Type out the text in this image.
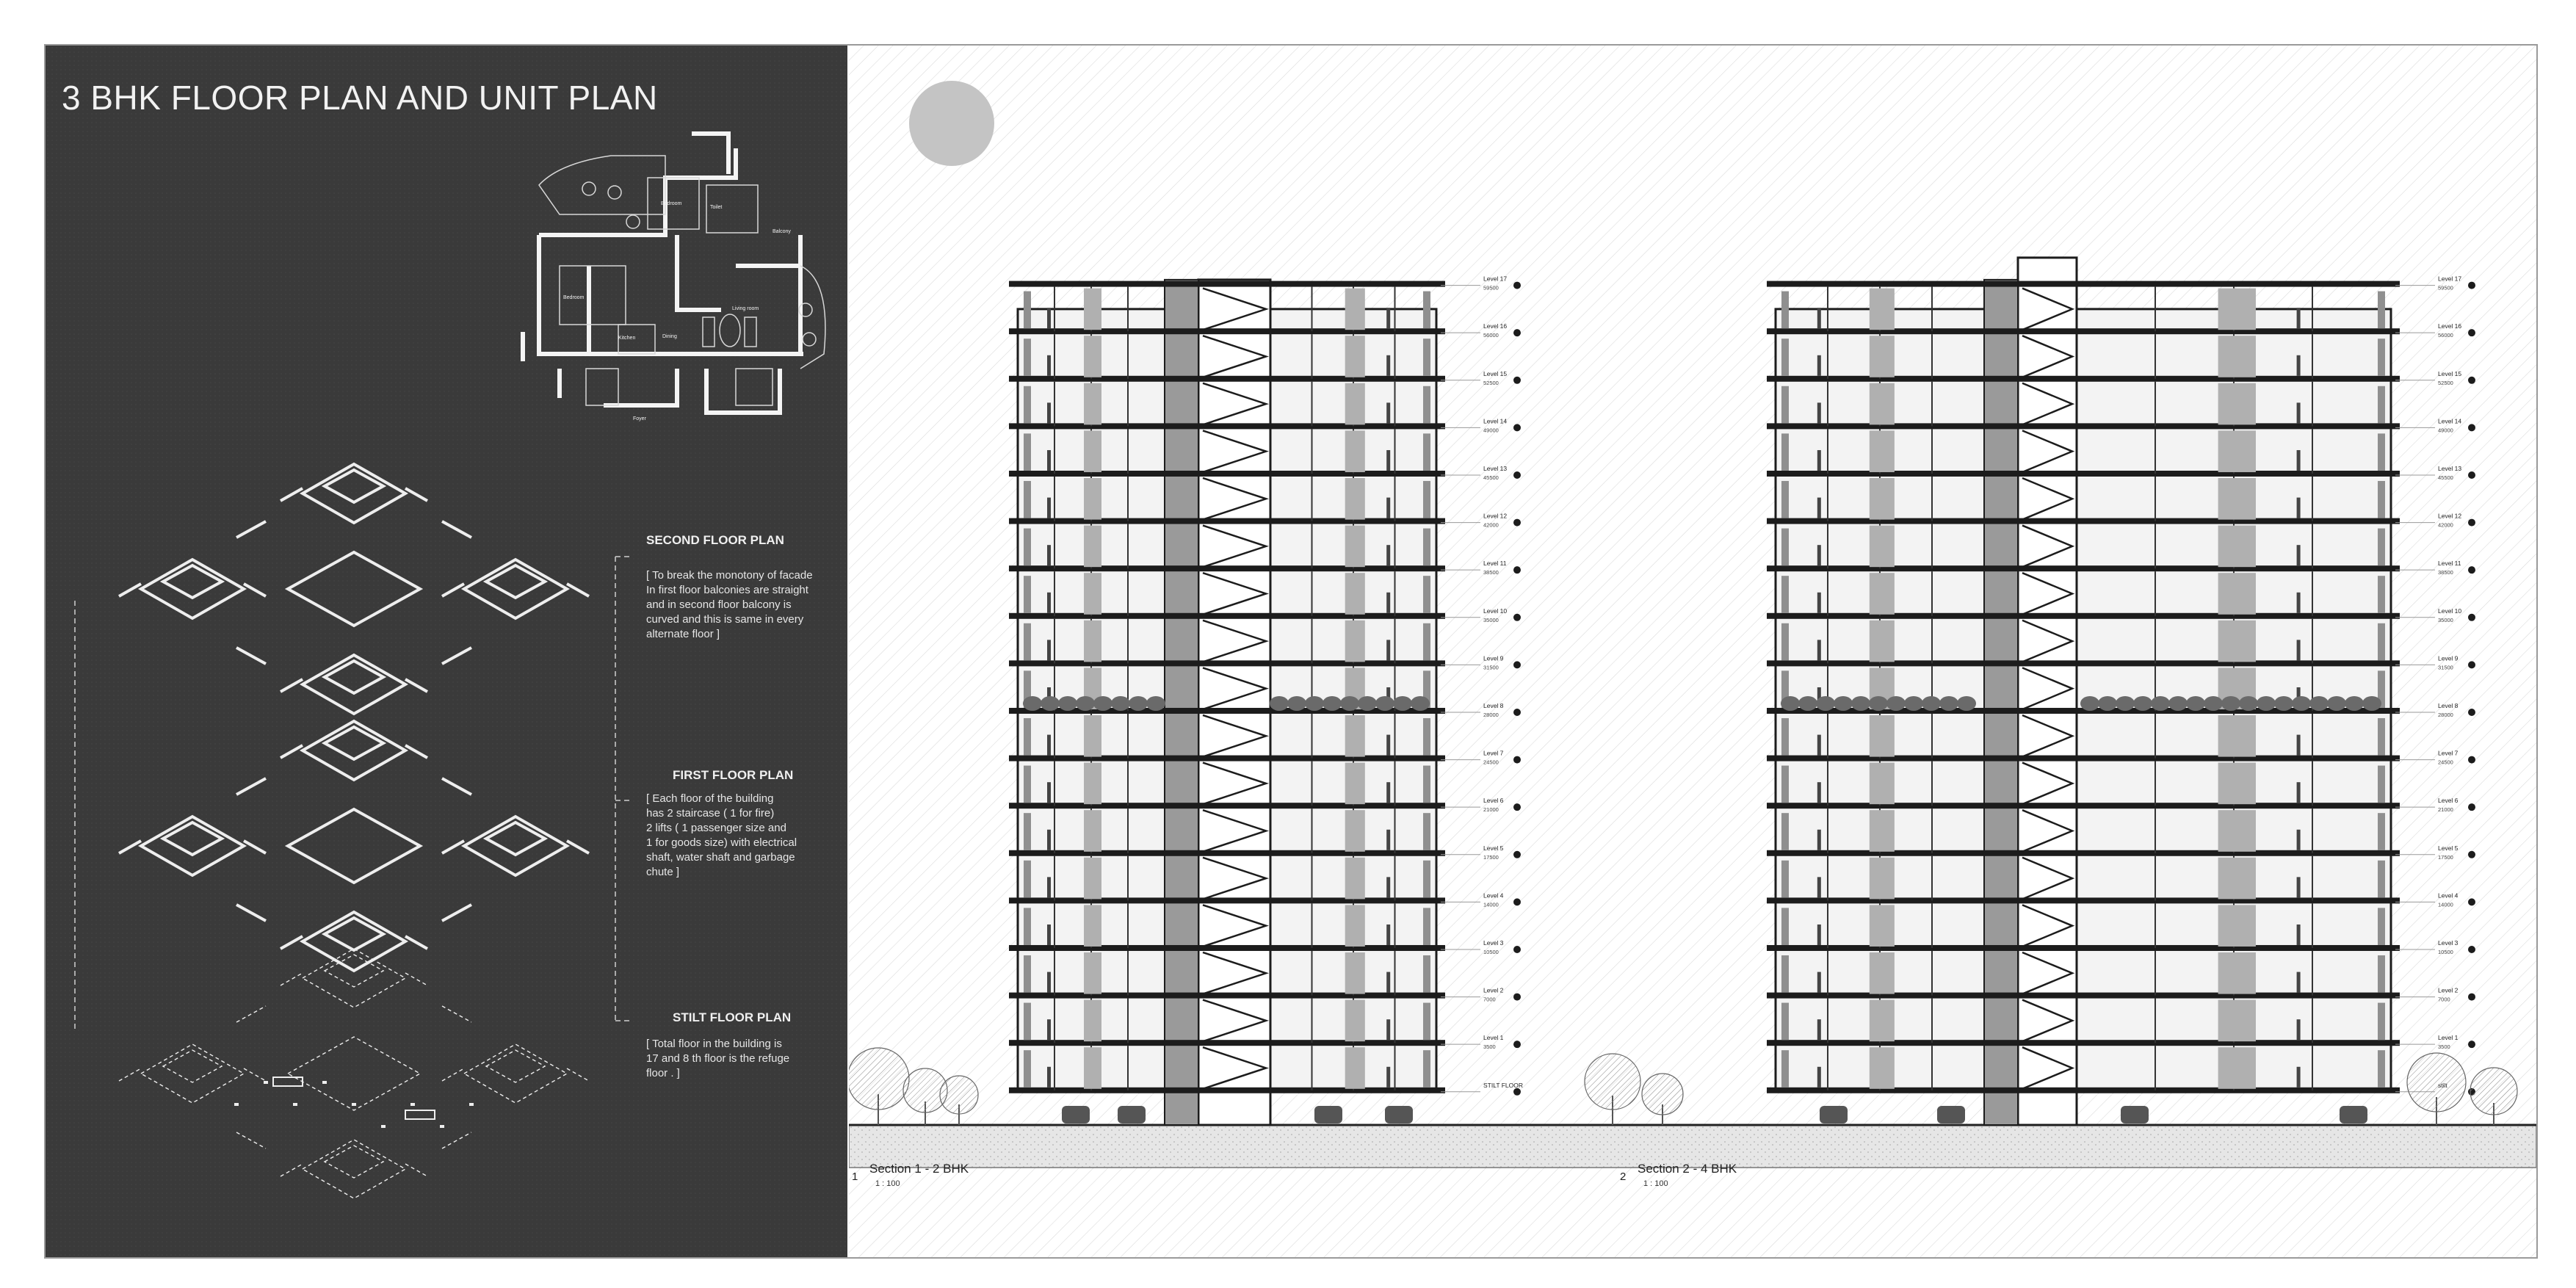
3 BHK FLOOR PLAN AND UNIT PLAN
Bedroom
Kitchen	Dining
Living room
Balcony
Bedroom
Toilet
Foyer
SECOND FLOOR PLAN
[ To break the monotony of facade
In first floor balconies are straight
and in second floor balcony is
curved and this is same in every
alternate floor ]
FIRST FLOOR PLAN
[ Each floor of the building
has 2 staircase ( 1 for fire)
2 lifts ( 1 passenger size and
1 for goods size) with electrical
shaft, water shaft and garbage
chute ]
STILT FLOOR PLAN
[ Total floor in the building is
17 and 8 th floor is the refuge
floor . ]
Level 1
3500
Level 2
7000
Level 3
10500
Level 4
14000
Level 5
17500
Level 6
21000
Level 7
24500
Level 8
28000
Level 9
31500
Level 10
35000
Level 11
38500
Level 12
42000
Level 13
45500
Level 14
49000
Level 15
52500
Level 16
56000
Level 17
59500
STILT FLOOR
Level 1
3500
Level 2
7000
Level 3
10500
Level 4
14000
Level 5
17500
Level 6
21000
Level 7
24500
Level 8
28000
Level 9
31500
Level 10
35000
Level 11
38500
Level 12
42000
Level 13
45500
Level 14
49000
Level 15
52500
Level 16
56000
Level 17
59500
1
Section 1 - 2 BHK
1 : 100
2
Section 2 - 4 BHK
1 : 100
